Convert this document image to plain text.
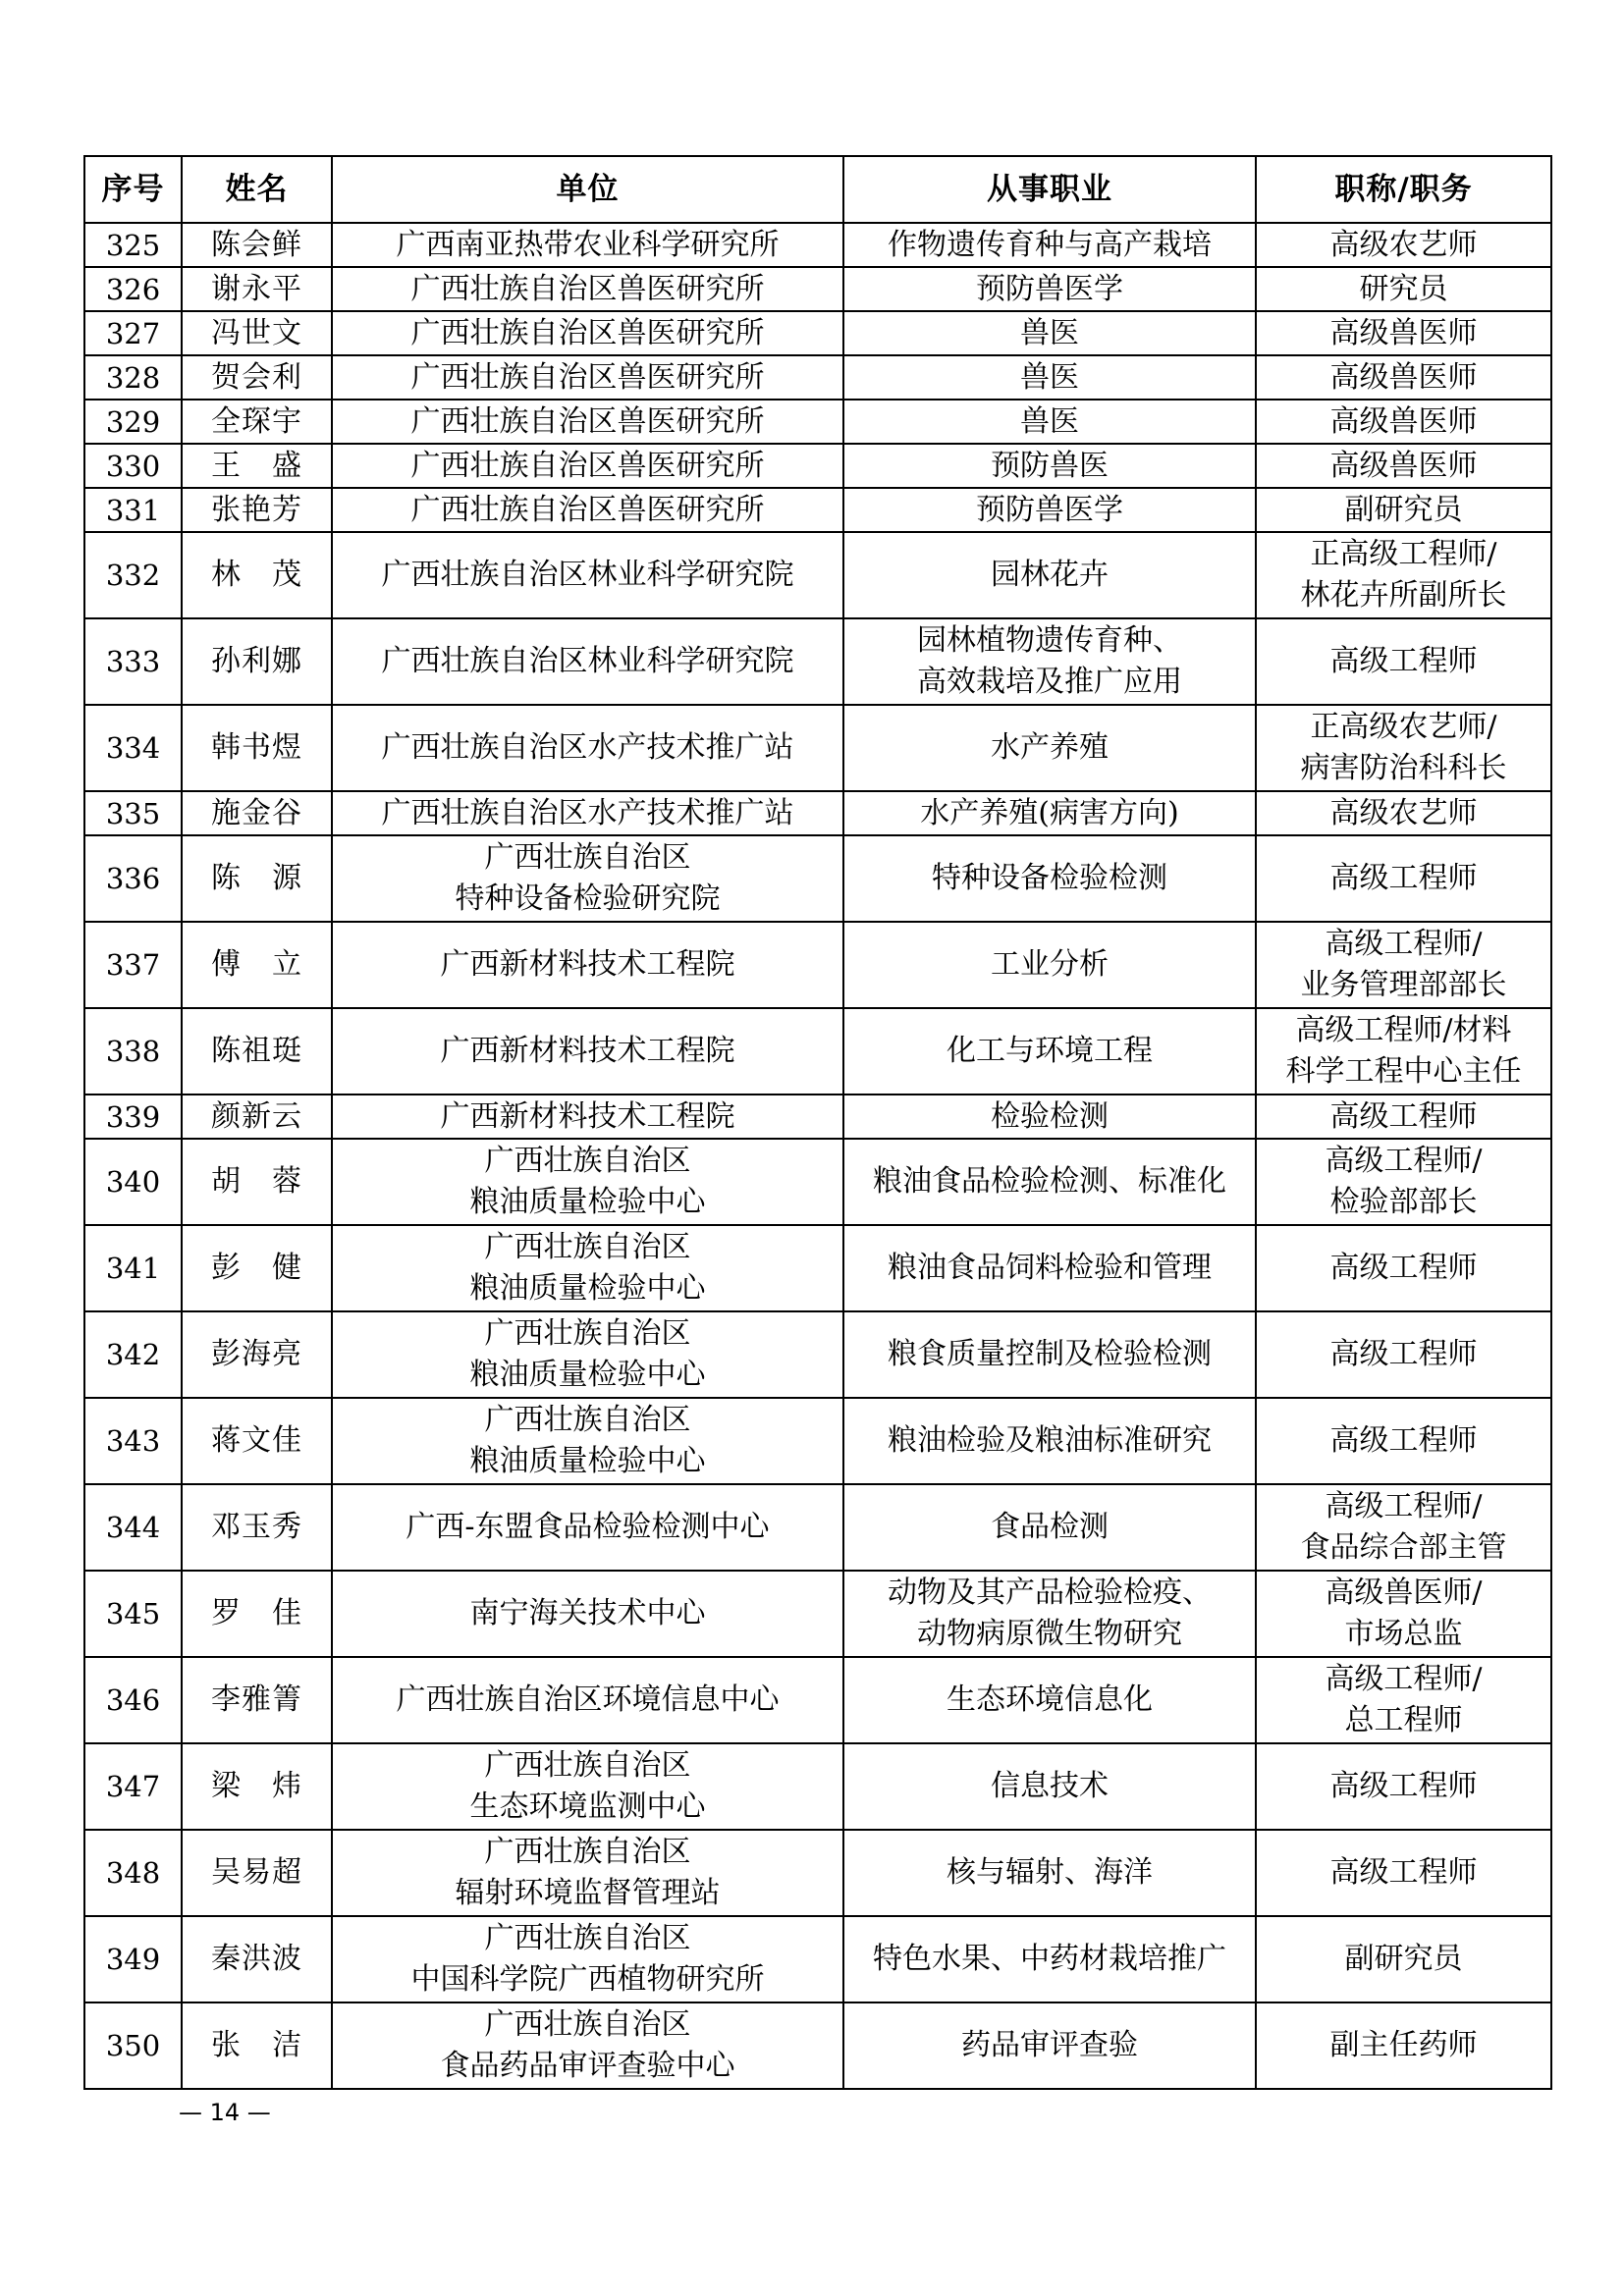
序号	姓名	单位	从事职业	职称/职务
325	陈会鲜	广西南亚热带农业科学研究所	作物遗传育种与高产栽培	高级农艺师

326	谢永平	广西壮族自治区兽医研究所	预防兽医学	研究员

327	冯世文	广西壮族自治区兽医研究所	兽医	高级兽医师

328	贺会利	广西壮族自治区兽医研究所	兽医	高级兽医师

329	全琛宇	广西壮族自治区兽医研究所	兽医	高级兽医师

330	王　盛	广西壮族自治区兽医研究所	预防兽医	高级兽医师

331	张艳芳	广西壮族自治区兽医研究所	预防兽医学	副研究员

332	林　茂	广西壮族自治区林业科学研究院	园林花卉	正高级工程师/
林花卉所副所长

333	孙利娜	广西壮族自治区林业科学研究院	园林植物遗传育种、
高效栽培及推广应用	高级工程师

334	韩书煜	广西壮族自治区水产技术推广站	水产养殖	正高级农艺师/
病害防治科科长

335	施金谷	广西壮族自治区水产技术推广站	水产养殖(病害方向)	高级农艺师

336	陈　源	广西壮族自治区
特种设备检验研究院	特种设备检验检测	高级工程师

337	傅　立	广西新材料技术工程院	工业分析	高级工程师/
业务管理部部长

338	陈祖珽	广西新材料技术工程院	化工与环境工程	高级工程师/材料
科学工程中心主任

339	颜新云	广西新材料技术工程院	检验检测	高级工程师

340	胡　蓉	广西壮族自治区
粮油质量检验中心	粮油食品检验检测、标准化	高级工程师/
检验部部长

341	彭　健	广西壮族自治区
粮油质量检验中心	粮油食品饲料检验和管理	高级工程师

342	彭海亮	广西壮族自治区
粮油质量检验中心	粮食质量控制及检验检测	高级工程师

343	蒋文佳	广西壮族自治区
粮油质量检验中心	粮油检验及粮油标准研究	高级工程师

344	邓玉秀	广西-东盟食品检验检测中心	食品检测	高级工程师/
食品综合部主管

345	罗　佳	南宁海关技术中心	动物及其产品检验检疫、
动物病原微生物研究	高级兽医师/
市场总监

346	李雅箐	广西壮族自治区环境信息中心	生态环境信息化	高级工程师/
总工程师

347	梁　炜	广西壮族自治区
生态环境监测中心	信息技术	高级工程师

348	吴易超	广西壮族自治区
辐射环境监督管理站	核与辐射、海洋	高级工程师

349	秦洪波	广西壮族自治区
中国科学院广西植物研究所	特色水果、中药材栽培推广	副研究员

350	张　洁	广西壮族自治区
食品药品审评查验中心	药品审评查验	副主任药师
— 14 —
